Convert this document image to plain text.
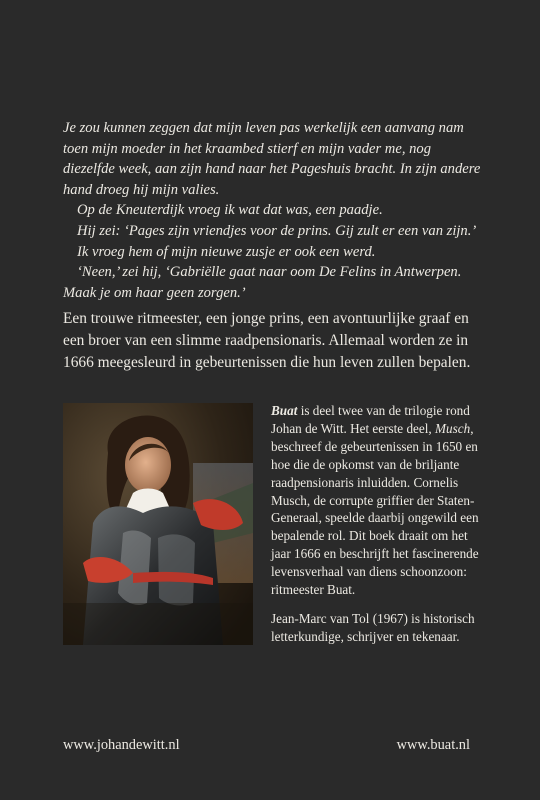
Je zou kunnen zeggen dat mijn leven pas werkelijk een aanvang nam toen mijn moeder in het kraambed stierf en mijn vader me, nog diezelfde week, aan zijn hand naar het Pageshuis bracht. In zijn andere hand droeg hij mijn valies.

Op de Kneuterdijk vroeg ik wat dat was, een paadje.

Hij zei: ‘Pages zijn vriendjes voor de prins. Gij zult er een van zijn.’

Ik vroeg hem of mijn nieuwe zusje er ook een werd.

‘Neen,’ zei hij, ‘Gabriëlle gaat naar oom De Felins in Antwerpen. Maak je om haar geen zorgen.’

Een trouwe ritmeester, een jonge prins, een avontuurlijke graaf en een broer van een slimme raadpensionaris. Allemaal worden ze in 1666 meegesleurd in gebeurtenissen die hun leven zullen bepalen.

Buat is deel twee van de trilogie rond Johan de Witt. Het eerste deel, Musch, beschreef de gebeurtenissen in 1650 en hoe die de opkomst van de briljante raadpensionaris inluidden. Cornelis Musch, de corrupte griffier der Staten-Generaal, speelde daarbij ongewild een bepalende rol. Dit boek draait om het jaar 1666 en beschrijft het fascinerende levensverhaal van diens schoonzoon: ritmeester Buat.

Jean-Marc van Tol (1967) is historisch letterkundige, schrijver en tekenaar.

www.johandewitt.nl	www.buat.nl
